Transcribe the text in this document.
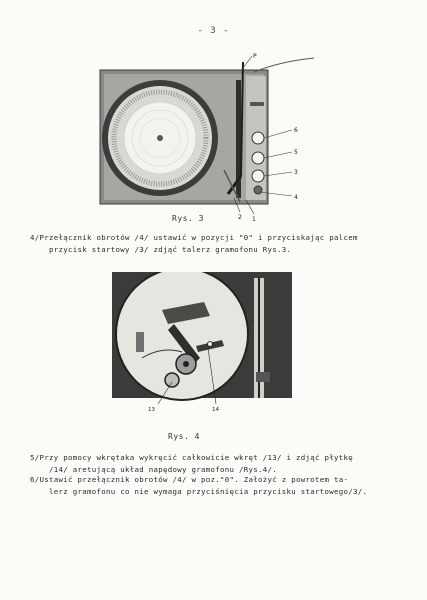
- 3 -
P
6
5
3
4
2 1
Rys. 3
4/Przełącznik obrotów /4/ ustawić w pozycji "0" i przyciskając palcem
przycisk startowy /3/ zdjąć talerz gramofonu Rys.3.
13	14
Rys. 4
5/Przy pomocy wkrętaka wykręcić całkowicie wkręt /13/ i zdjąć płytkę
/14/ aretującą układ napędowy gramofonu /Rys.4/.
6/Ustawić przełącznik obrotów /4/ w poz."0". Założyć z powrotem ta-
lerz gramofonu co nie wymaga przyciśnięcia przycisku startowego/3/.
